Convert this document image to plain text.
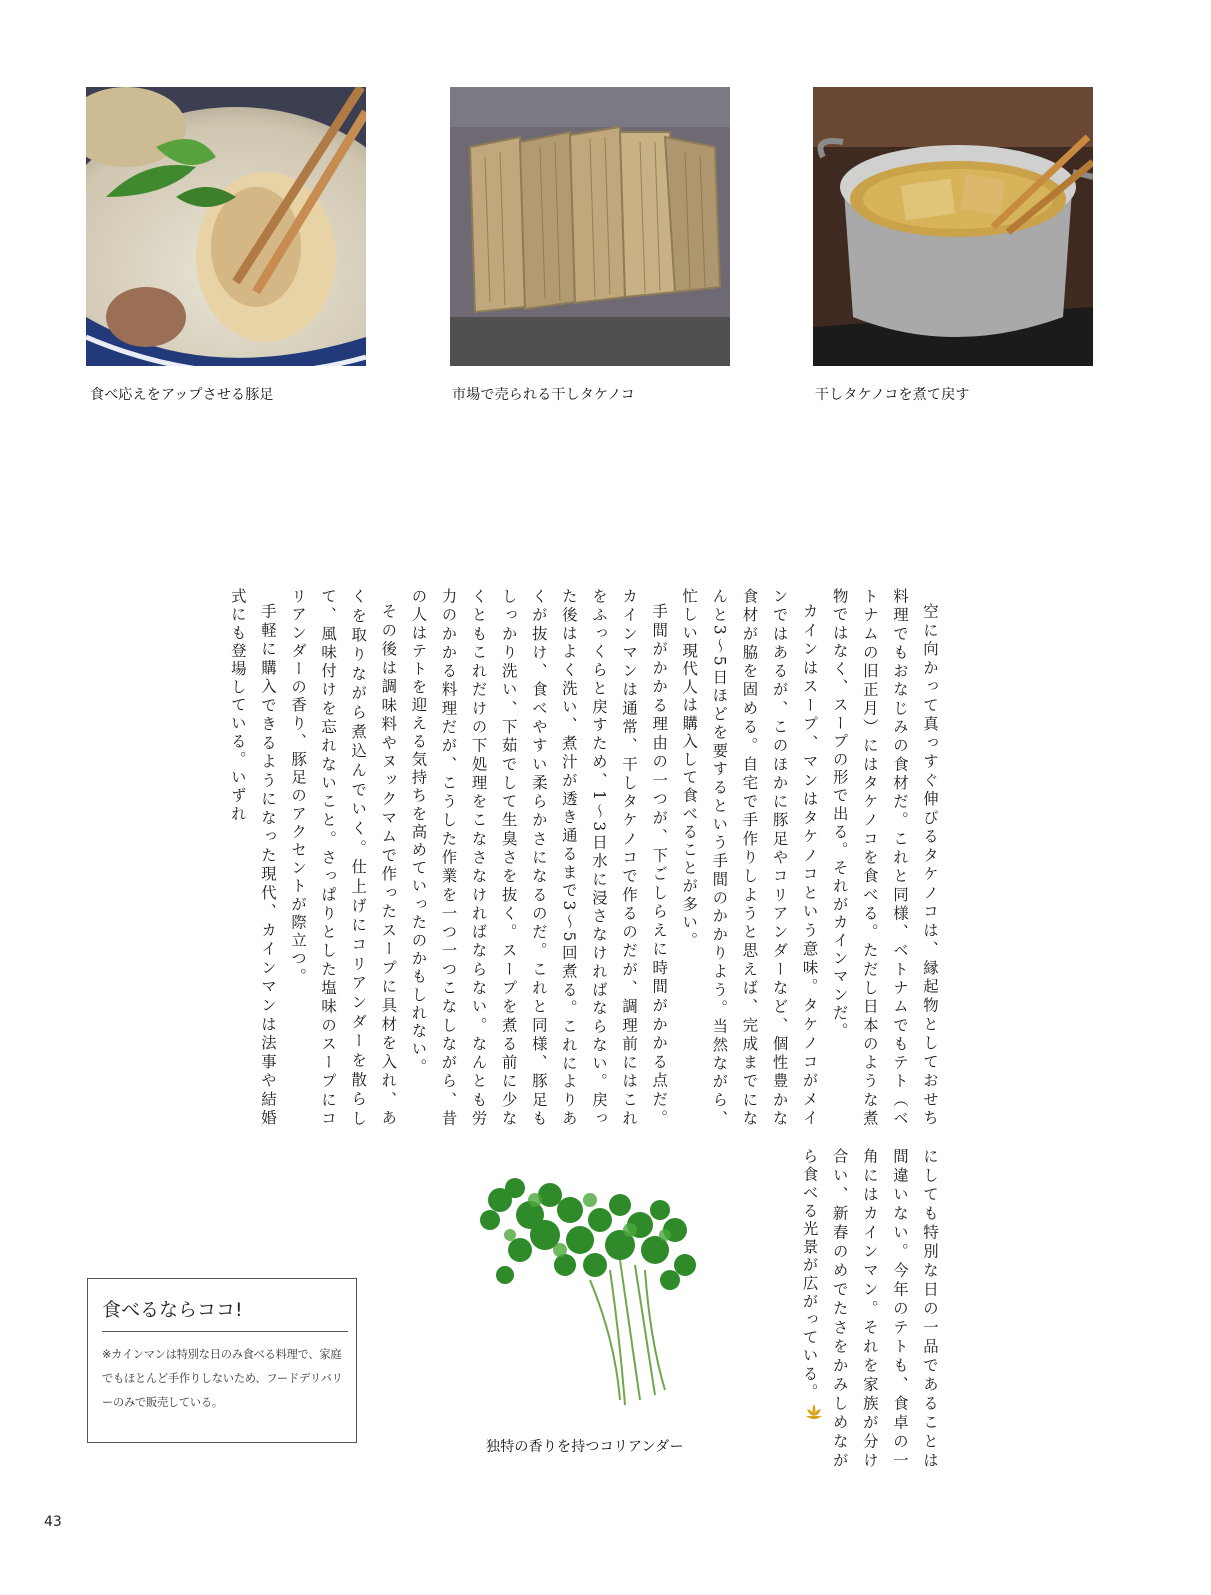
食べ応えをアップさせる豚足	市場で売られる干しタケノコ	干しタケノコを煮て戻す

空に向かって真っすぐ伸びるタケノコは、縁起物としておせち料理でもおなじみの食材だ。これと同様、ベトナムでもテト（ベトナムの旧正月）にはタケノコを食べる。ただし日本のような煮物ではなく、スープの形で出る。それがカインマンだ。

カインはスープ、マンはタケノコという意味。タケノコがメインではあるが、このほかに豚足やコリアンダーなど、個性豊かな食材が脇を固める。自宅で手作りしようと思えば、完成までになんと3～5日ほどを要するという手間のかかりよう。当然ながら、忙しい現代人は購入して食べることが多い。

手間がかかる理由の一つが、下ごしらえに時間がかかる点だ。カインマンは通常、干しタケノコで作るのだが、調理前にはこれをふっくらと戻すため、1～3日水に浸さなければならない。戻った後はよく洗い、煮汁が透き通るまで3～5回煮る。これによりあくが抜け、食べやすい柔らかさになるのだ。これと同様、豚足もしっかり洗い、下茹でして生臭さを抜く。スープを煮る前に少なくともこれだけの下処理をこなさなければならない。なんとも労力のかかる料理だが、こうした作業を一つ一つこなしながら、昔の人はテトを迎える気持ちを高めていったのかもしれない。

その後は調味料やヌックマムで作ったスープに具材を入れ、あくを取りながら煮込んでいく。仕上げにコリアンダーを散らして、風味付けを忘れないこと。さっぱりとした塩味のスープにコリアンダーの香り、豚足のアクセントが際立つ。

手軽に購入できるようになった現代、カインマンは法事や結婚式にも登場している。いずれ

にしても特別な日の一品であることは間違いない。今年のテトも、食卓の一角にはカインマン。それを家族が分け合い、新春のめでたさをかみしめながら食べる光景が広がっている。

食べるならココ!
※カインマンは特別な日のみ食べる料理で、家庭でもほとんど手作りしないため、フードデリバリーのみで販売している。
独特の香りを持つコリアンダー
43
